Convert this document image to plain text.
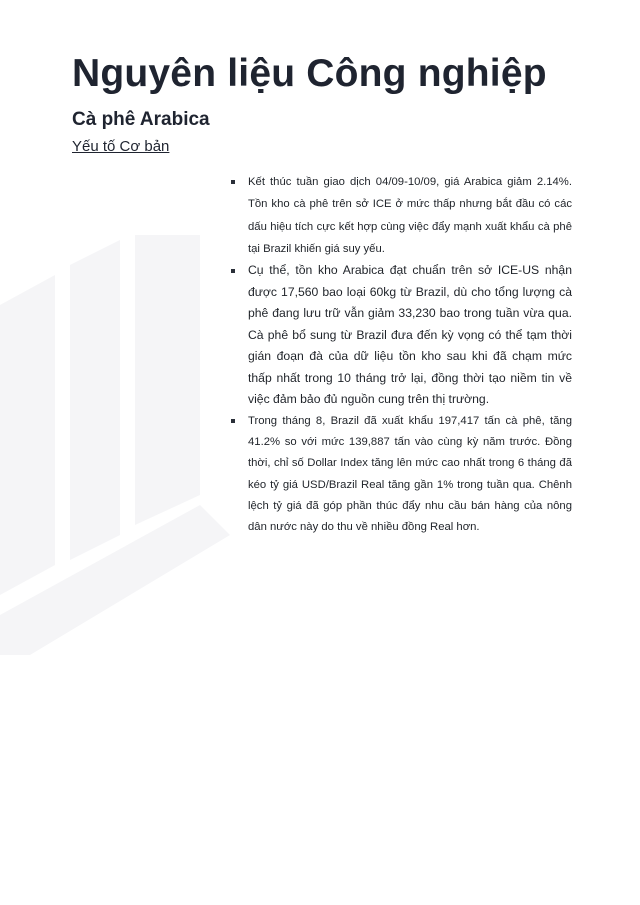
Nguyên liệu Công nghiệp
Cà phê Arabica
Yếu tố Cơ bản
Kết thúc tuần giao dịch 04/09-10/09, giá Arabica giảm 2.14%. Tồn kho cà phê trên sở ICE ở mức thấp nhưng bắt đầu có các dấu hiệu tích cực kết hợp cùng việc đẩy mạnh xuất khẩu cà phê tại Brazil khiến giá suy yếu.
Cụ thể, tồn kho Arabica đạt chuẩn trên sở ICE-US nhận được 17,560 bao loại 60kg từ Brazil, dù cho tổng lượng cà phê đang lưu trữ vẫn giảm 33,230 bao trong tuần vừa qua. Cà phê bổ sung từ Brazil đưa đến kỳ vọng có thể tạm thời gián đoạn đà của dữ liệu tồn kho sau khi đã chạm mức thấp nhất trong 10 tháng trở lại, đồng thời tạo niềm tin về việc đảm bảo đủ nguồn cung trên thị trường.
Trong tháng 8, Brazil đã xuất khẩu 197,417 tấn cà phê, tăng 41.2% so với mức 139,887 tấn vào cùng kỳ năm trước. Đồng thời, chỉ số Dollar Index tăng lên mức cao nhất trong 6 tháng đã kéo tỷ giá USD/Brazil Real tăng gần 1% trong tuần qua. Chênh lệch tỷ giá đã góp phần thúc đẩy nhu cầu bán hàng của nông dân nước này do thu về nhiều đồng Real hơn.
